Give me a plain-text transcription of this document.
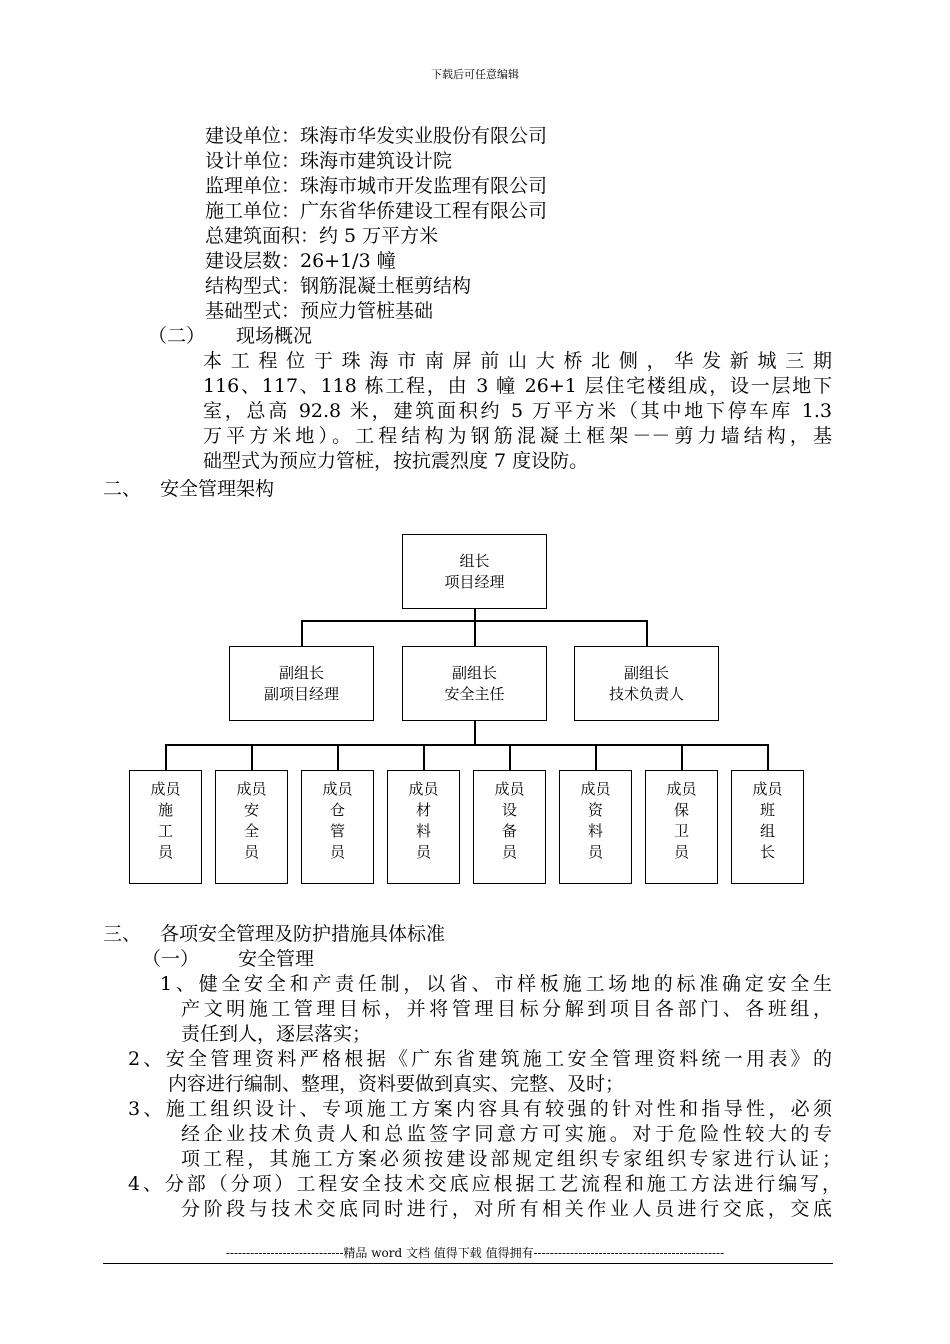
下载后可任意编辑
建设单位：珠海市华发实业股份有限公司
设计单位：珠海市建筑设计院
监理单位：珠海市城市开发监理有限公司
施工单位：广东省华侨建设工程有限公司
总建筑面积：约 5 万平方米
建设层数：26+1/3 幢
结构型式：钢筋混凝土框剪结构
基础型式：预应力管桩基础
（二） 现场概况
本工程位于珠海市南屏前山大桥北侧，华发新城三期
116、117、118 栋工程，由 3 幢 26+1 层住宅楼组成，设一层地下
室，总高 92.8 米，建筑面积约 5 万平方米（其中地下停车库 1.3
万平方米地）。工程结构为钢筋混凝土框架－－剪力墙结构，基
础型式为预应力管桩，按抗震烈度 7 度设防。
二、 安全管理架构
组长
项目经理
副组长
副项目经理
副组长
安全主任
副组长
技术负责人
成员
施
工
员
成员
安
全
员
成员
仓
管
员
成员
材
料
员
成员
设
备
员
成员
资
料
员
成员
保
卫
员
成员
班
组
长
三、 各项安全管理及防护措施具体标准
（一） 安全管理
1、健全安全和产责任制，以省、市样板施工场地的标准确定安全生
产文明施工管理目标，并将管理目标分解到项目各部门、各班组，
责任到人，逐层落实；
2、安全管理资料严格根据《广东省建筑施工安全管理资料统一用表》的
内容进行编制、整理，资料要做到真实、完整、及时；
3、施工组织设计、专项施工方案内容具有较强的针对性和指导性，必须
经企业技术负责人和总监签字同意方可实施。对于危险性较大的专
项工程，其施工方案必须按建设部规定组织专家组织专家进行认证；
4、分部（分项）工程安全技术交底应根据工艺流程和施工方法进行编写，
分阶段与技术交底同时进行，对所有相关作业人员进行交底，交底
-----------------------------精品 word 文档 值得下载 值得拥有-----------------------------------------------
